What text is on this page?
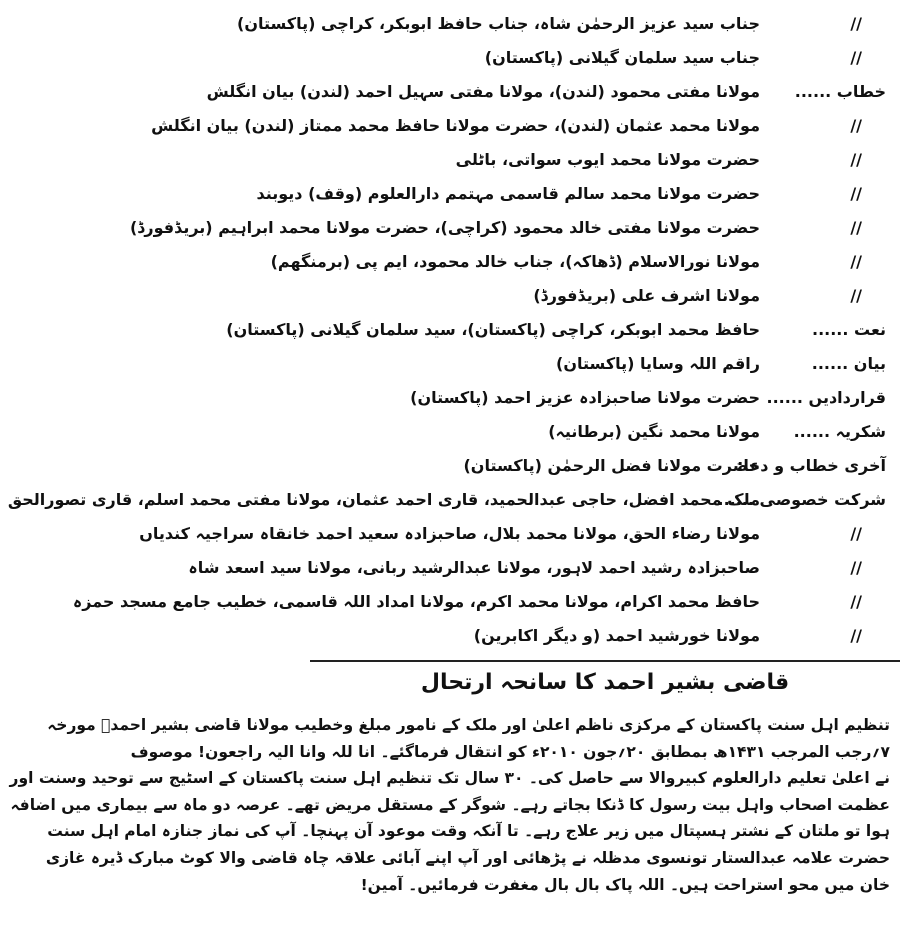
//
جناب سید عزیز الرحمٰن شاہ، جناب حافظ ابوبکر، کراچی (پاکستان)
//
جناب سید سلمان گیلانی (پاکستان)
خطاب ......
مولانا مفتی محمود (لندن)، مولانا مفتی سہیل احمد (لندن) بیان انگلش
//
مولانا محمد عثمان (لندن)، حضرت مولانا حافظ محمد ممتاز (لندن) بیان انگلش
//
حضرت مولانا محمد ایوب سواتی، باٹلی
//
حضرت مولانا محمد سالم قاسمی مہتمم دارالعلوم (وقف) دیوبند
//
حضرت مولانا مفتی خالد محمود (کراچی)، حضرت مولانا محمد ابراہیم (بریڈفورڈ)
//
مولانا نورالاسلام (ڈھاکہ)، جناب خالد محمود، ایم پی (برمنگھم)
//
مولانا اشرف علی (بریڈفورڈ)
نعت ......
حافظ محمد ابوبکر، کراچی (پاکستان)، سید سلمان گیلانی (پاکستان)
بیان ......
راقم اللہ وسایا (پاکستان)
قراردادیں ......
حضرت مولانا صاحبزادہ عزیز احمد (پاکستان)
شکریہ ......
مولانا محمد نگین (برطانیہ)
آخری خطاب و دعا:
حضرت مولانا فضل الرحمٰن (پاکستان)
شرکت خصوصی ......
ملک محمد افضل، حاجی عبدالحمید، قاری احمد عثمان، مولانا مفتی محمد اسلم، قاری تصورالحق
//
مولانا رضاء الحق، مولانا محمد بلال، صاحبزادہ سعید احمد خانقاہ سراجیہ کندیاں
//
صاحبزادہ رشید احمد لاہور، مولانا عبدالرشید ربانی، مولانا سید اسعد شاہ
//
حافظ محمد اکرام، مولانا محمد اکرم، مولانا امداد اللہ قاسمی، خطیب جامع مسجد حمزہ
//
مولانا خورشید احمد (و دیگر اکابرین)
قاضی بشیر احمد کا سانحہ ارتحال
تنظیم اہل سنت پاکستان کے مرکزی ناظم اعلیٰ اور ملک کے نامور مبلغ وخطیب مولانا قاضی بشیر احمدؒ مورخہ
۷؍رجب المرجب ۱۴۳۱ھ بمطابق ۲۰؍جون ۲۰۱۰ء کو انتقال فرماگئے۔ انا للہ وانا الیہ راجعون! موصوف
نے اعلیٰ تعلیم دارالعلوم کبیروالا سے حاصل کی۔ ۳۰ سال تک تنظیم اہل سنت پاکستان کے اسٹیج سے توحید وسنت اور
عظمت اصحاب واہل بیت رسول کا ڈنکا بجاتے رہے۔ شوگر کے مستقل مریض تھے۔ عرصہ دو ماہ سے بیماری میں اضافہ
ہوا تو ملتان کے نشتر ہسپتال میں زیر علاج رہے۔ تا آنکہ وقت موعود آن پہنچا۔ آپ کی نماز جنازہ امام اہل سنت
حضرت علامہ عبدالستار تونسوی مدظلہ نے پڑھائی اور آپ اپنے آبائی علاقہ چاہ قاضی والا کوٹ مبارک ڈیرہ غازی
خان میں محو استراحت ہیں۔ اللہ پاک بال بال مغفرت فرمائیں۔ آمین!
